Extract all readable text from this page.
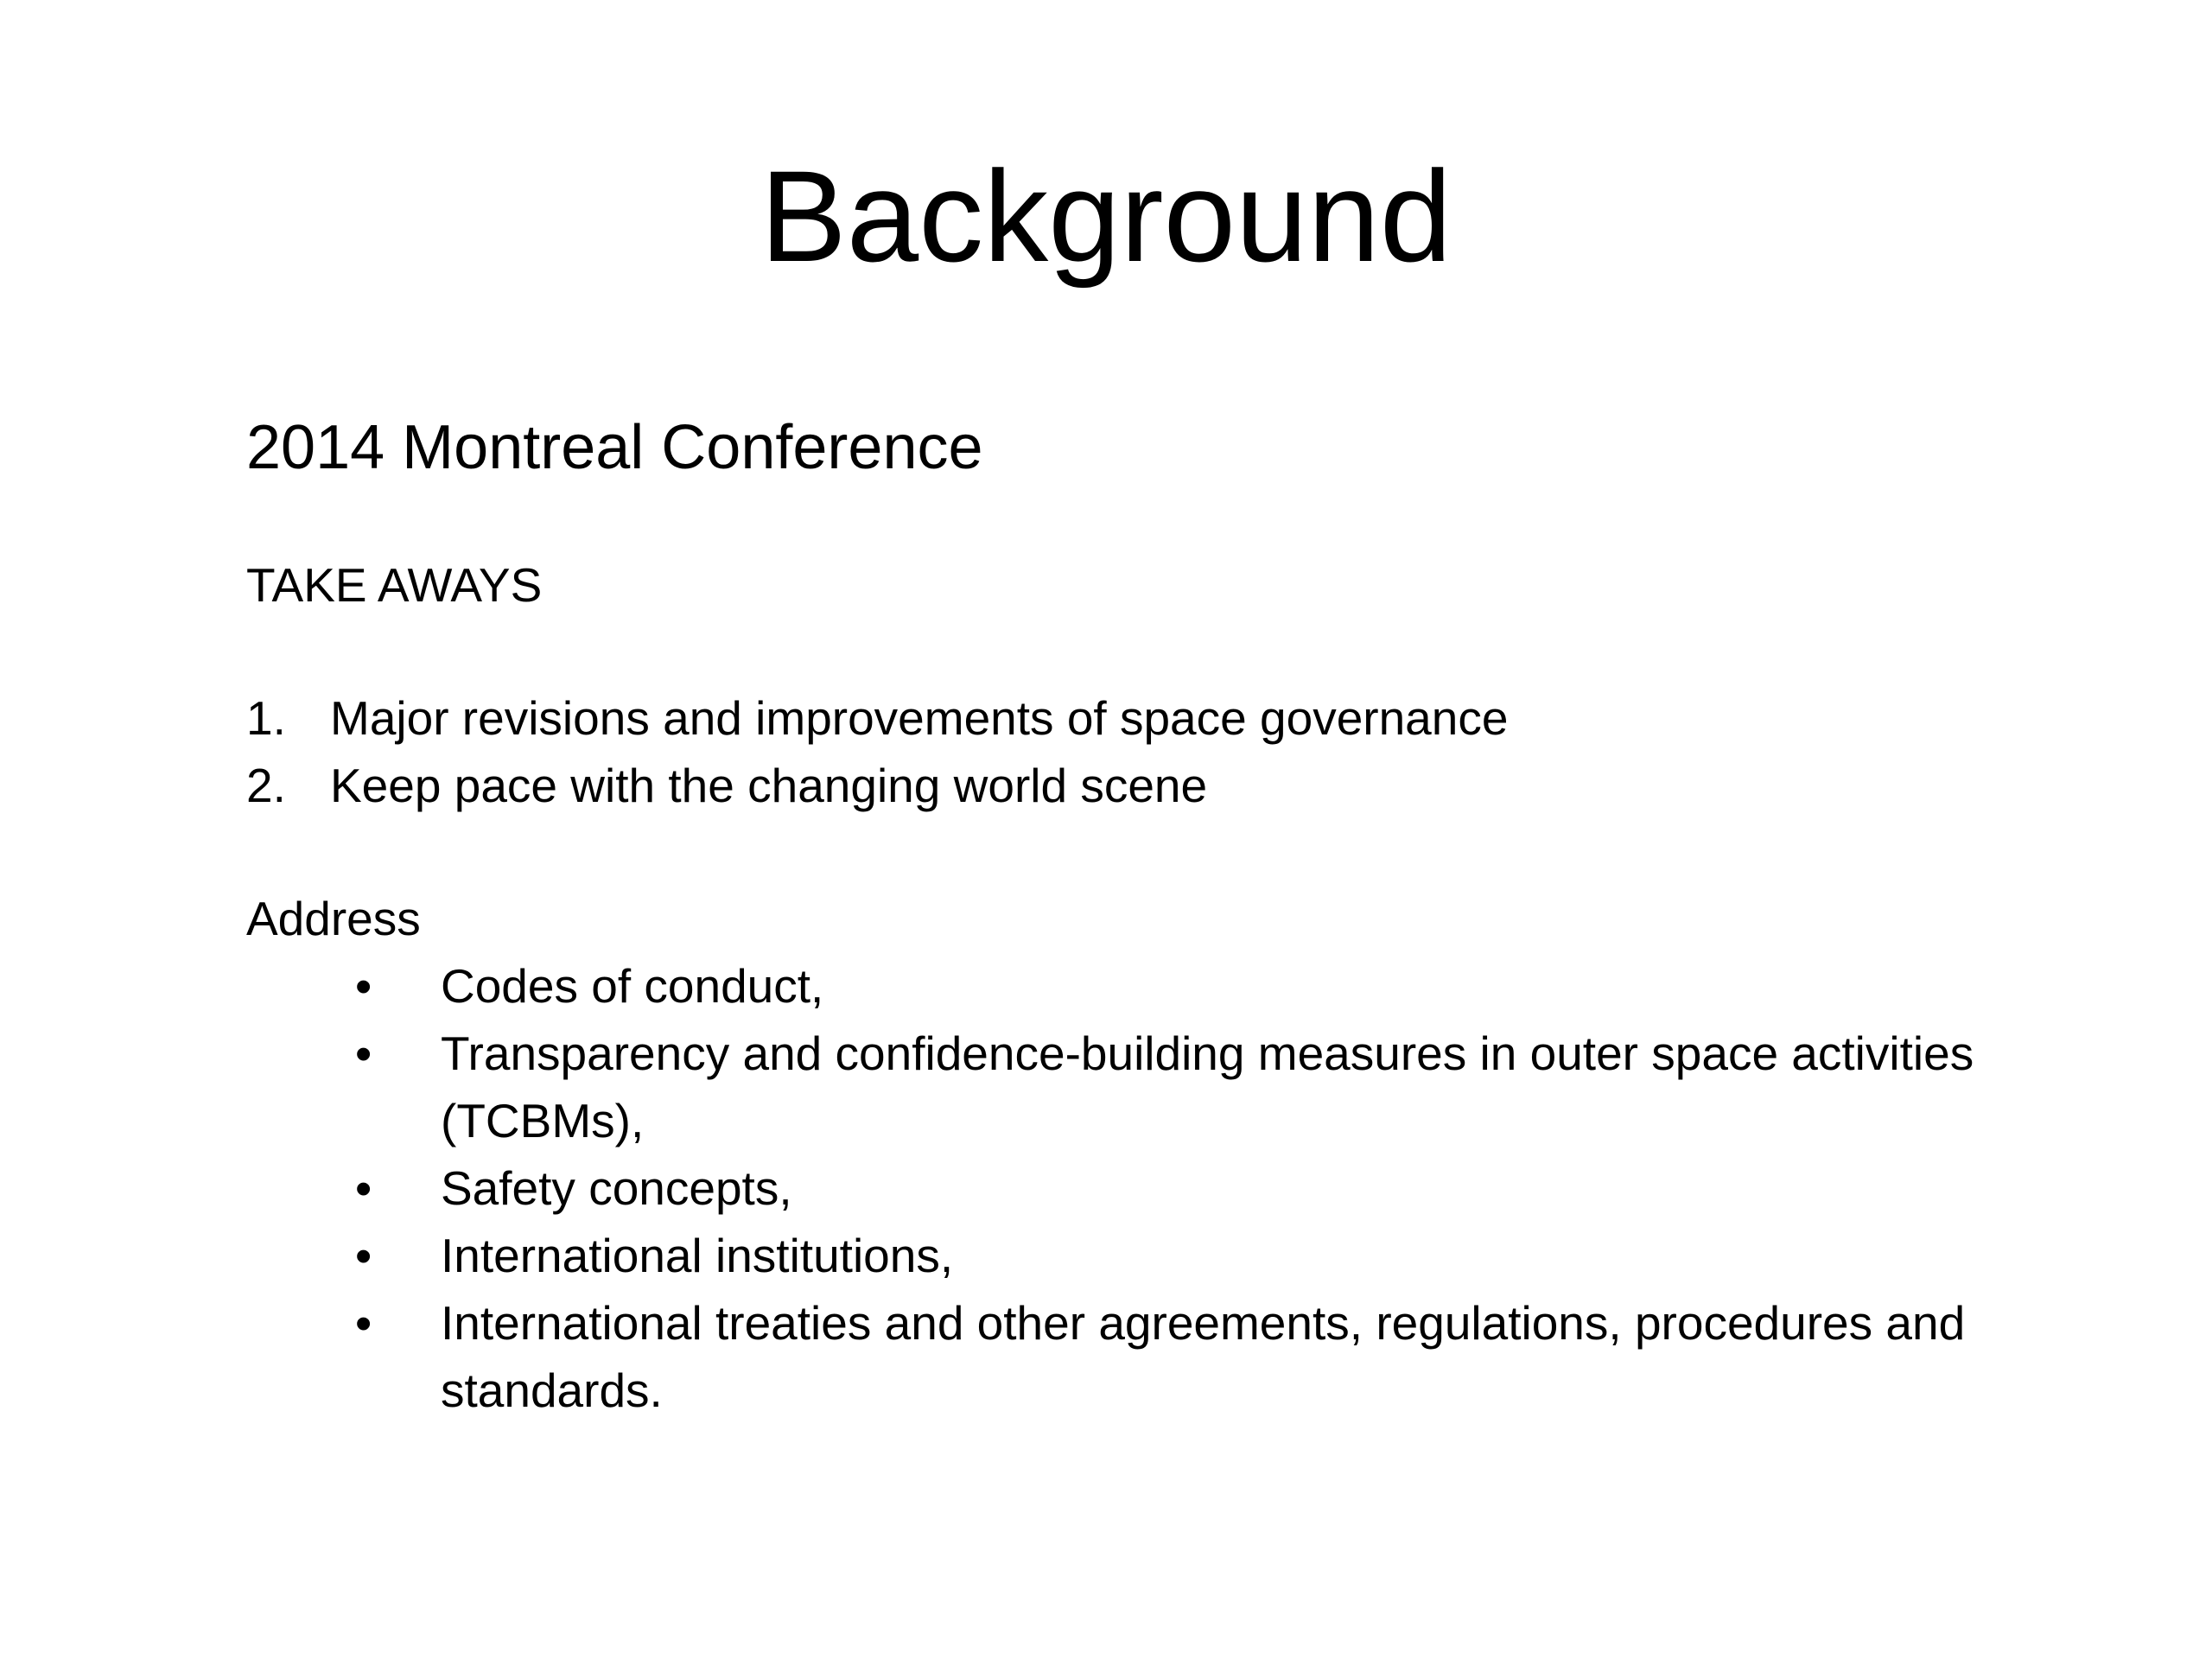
Background

2014 Montreal Conference

TAKE AWAYS

1. Major revisions and improvements of space governance
2. Keep pace with the changing world scene

Address

• Codes of conduct,
• Transparency and confidence-building measures in outer space activities (TCBMs),
• Safety concepts,
• International institutions,
• International treaties and other agreements, regulations, procedures and standards.
